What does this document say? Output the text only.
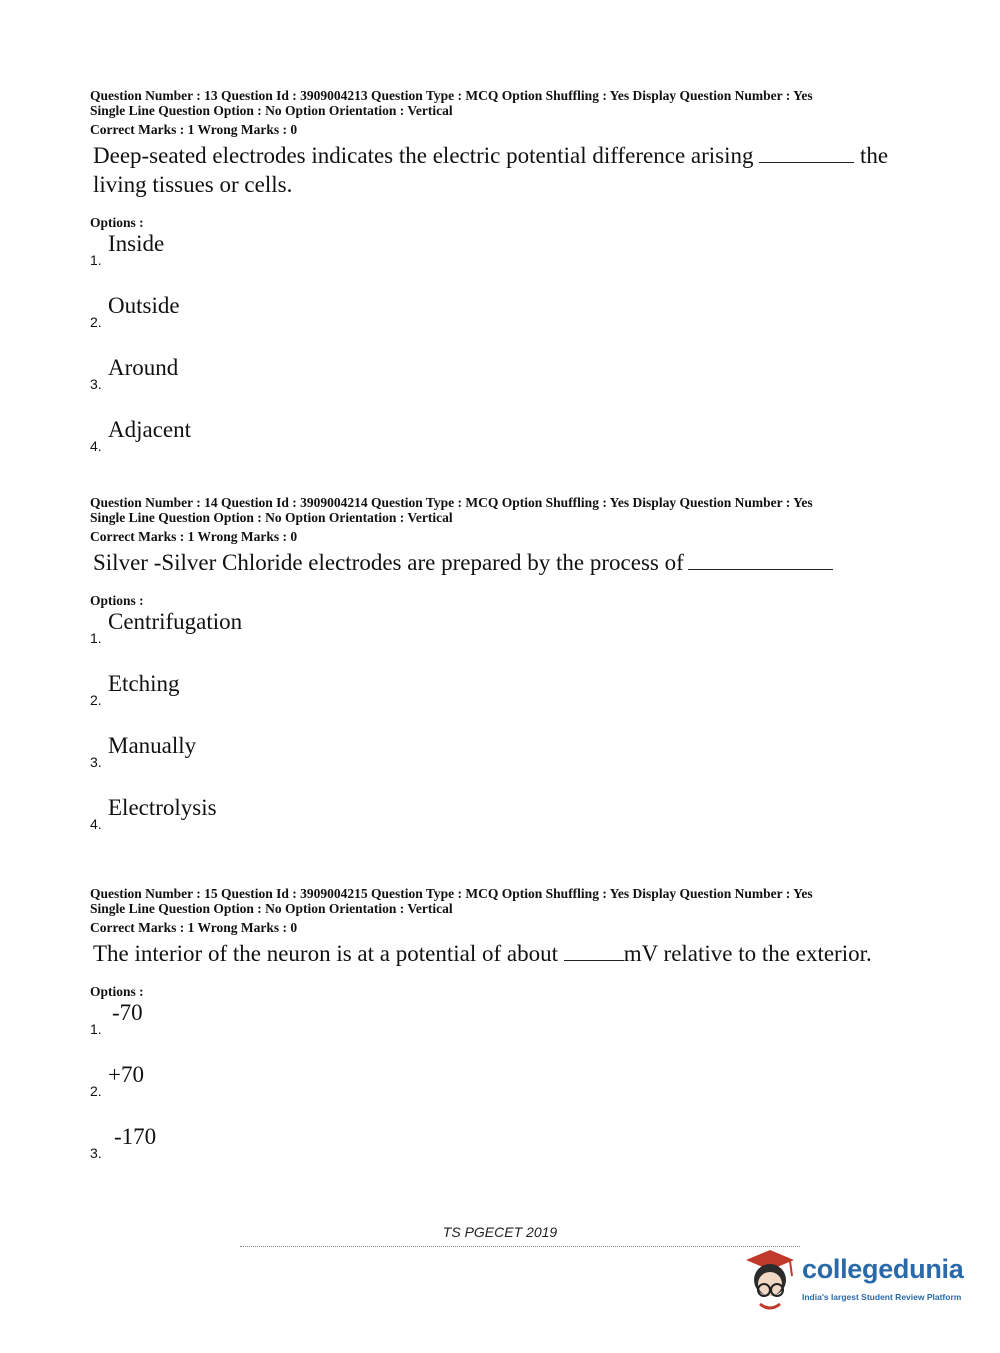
Question Number : 13 Question Id : 3909004213 Question Type : MCQ Option Shuffling : Yes Display Question Number : Yes
Single Line Question Option : No Option Orientation : Vertical
Correct Marks : 1 Wrong Marks : 0
Deep-seated electrodes indicates the electric potential difference arising	the living tissues or cells.
Options :
1.
Inside
2.
Outside
3.
Around
4.
Adjacent
Question Number : 14 Question Id : 3909004214 Question Type : MCQ Option Shuffling : Yes Display Question Number : Yes
Single Line Question Option : No Option Orientation : Vertical
Correct Marks : 1 Wrong Marks : 0
Silver -Silver Chloride electrodes are prepared by the process of
Options :
1.
Centrifugation
2.
Etching
3.
Manually
4.
Electrolysis
Question Number : 15 Question Id : 3909004215 Question Type : MCQ Option Shuffling : Yes Display Question Number : Yes
Single Line Question Option : No Option Orientation : Vertical
Correct Marks : 1 Wrong Marks : 0
The interior of the neuron is at a potential of about	mV relative to the exterior.
Options :
1.
-70
2.
+70
3.
-170
TS PGECET 2019
collegedunia
India's largest Student Review Platform
